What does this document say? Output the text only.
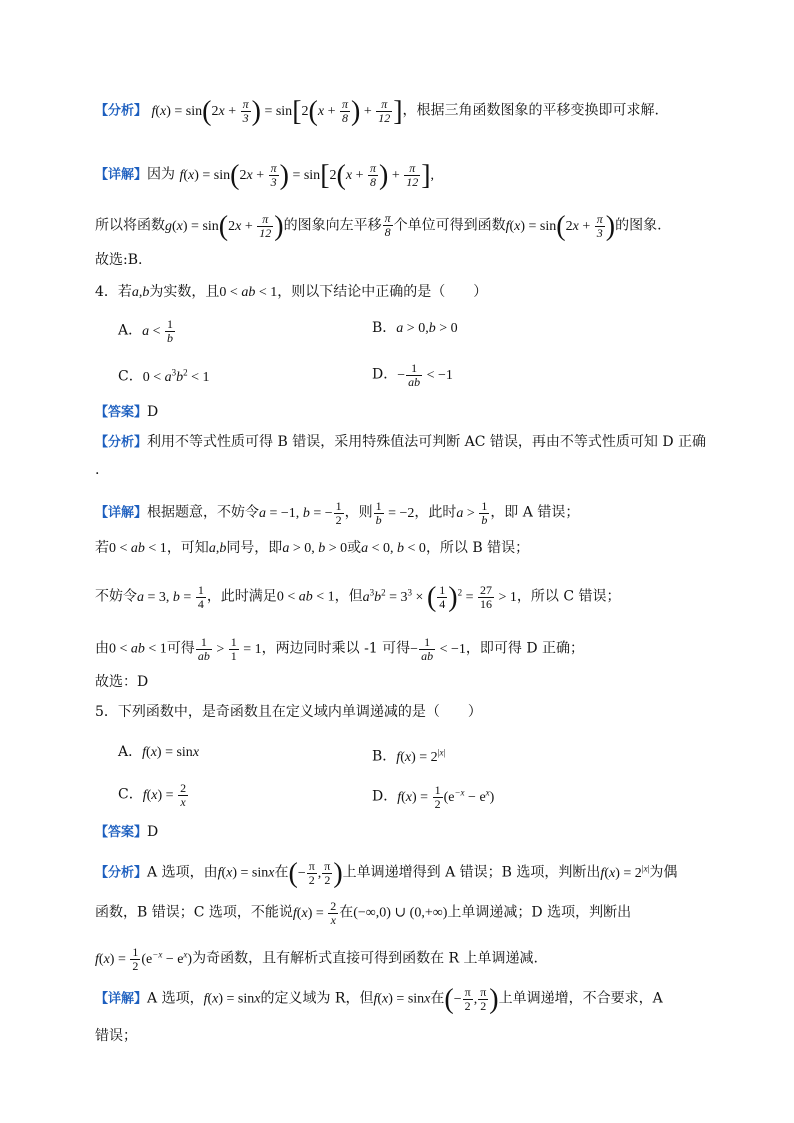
【分析】 $f(x) = \sin(2x + \frac{\pi}{3}$ ) = $\sin[2(x + \frac{\pi}{8}$ ) + $\frac{\pi}{12}$ ]，根据三角函数图象的平移变换即可求解.
【详解】因为 $f(x) = \sin(2x + \frac{\pi}{3}$ ) = $\sin[2(x + \frac{\pi}{8}$ ) + $\frac{\pi}{12}$ ],
所以将函数$g(x) = \sin(2x + \frac{\pi}{12}$ )的图象向左平移 $\frac{\pi}{8}$ 个单位可得到函数$f(x) = \sin(2x + \frac{\pi}{3}$ )的图象.
故选:B.
4．若a,b为实数，且0 < ab < 1，则以下结论中正确的是（　　）
A．$a < \frac{1}{b}$	B．a > 0,b > 0
C．$0 < a^3b^2 < 1$	D．− $\frac{1}{ab} < -1$
【答案】D
【分析】利用不等式性质可得 B 错误，采用特殊值法可判断 AC 错误，再由不等式性质可知 D 正确
.
【详解】根据题意，不妨令a = −1, b = − $\frac{1}{2}$ ，则 $\frac{1}{b} = -2$，此时$a > \frac{1}{b}$ ，即 A 错误；
若0 < ab < 1，可知a,b同号，即a > 0, b > 0或a < 0, b < 0，所以 B 错误；
不妨令a = 3, $b = \frac{1}{4}$ ，此时满足0 < ab < 1，但$a^3b^2 = 3^3$ × ( $\frac{1}{4} )^2 = \frac{27}{16} > 1$，所以 C 错误；
由0 < ab < 1可得 $\frac{1}{ab} > \frac{1}{1} = 1$，两边同时乘以 -1 可得− $\frac{1}{ab} < -1$，即可得 D 正确；
故选：D
5．下列函数中，是奇函数且在定义域内单调递减的是（　　）
A．f(x) = sinx	B．$f(x) = 2^{|x|}$
C．$f(x) = \frac{2}{x}$	D．$f(x) = \frac{1}{2} (e^{-x} - e^x)$
【答案】D
【分析】A 选项，由f(x) = sinx在(− $\frac{\pi}{2}$ , $\frac{\pi}{2}$ )上单调递增得到 A 错误；B 选项，判断出$f(x) = 2^{|x|}$为偶
函数，B 错误；C 选项，不能说$f(x) = \frac{2}{x}$ 在(−∞,0) ∪ (0,+∞)上单调递减；D 选项，判断出
$f(x) = \frac{1}{2} (e^{-x} - e^x)$为奇函数，且有解析式直接可得到函数在 R 上单调递减.
【详解】A 选项，f(x) = sinx的定义域为 R，但f(x) = sinx在(− $\frac{\pi}{2}$ , $\frac{\pi}{2}$ )上单调递增，不合要求，A
错误；
